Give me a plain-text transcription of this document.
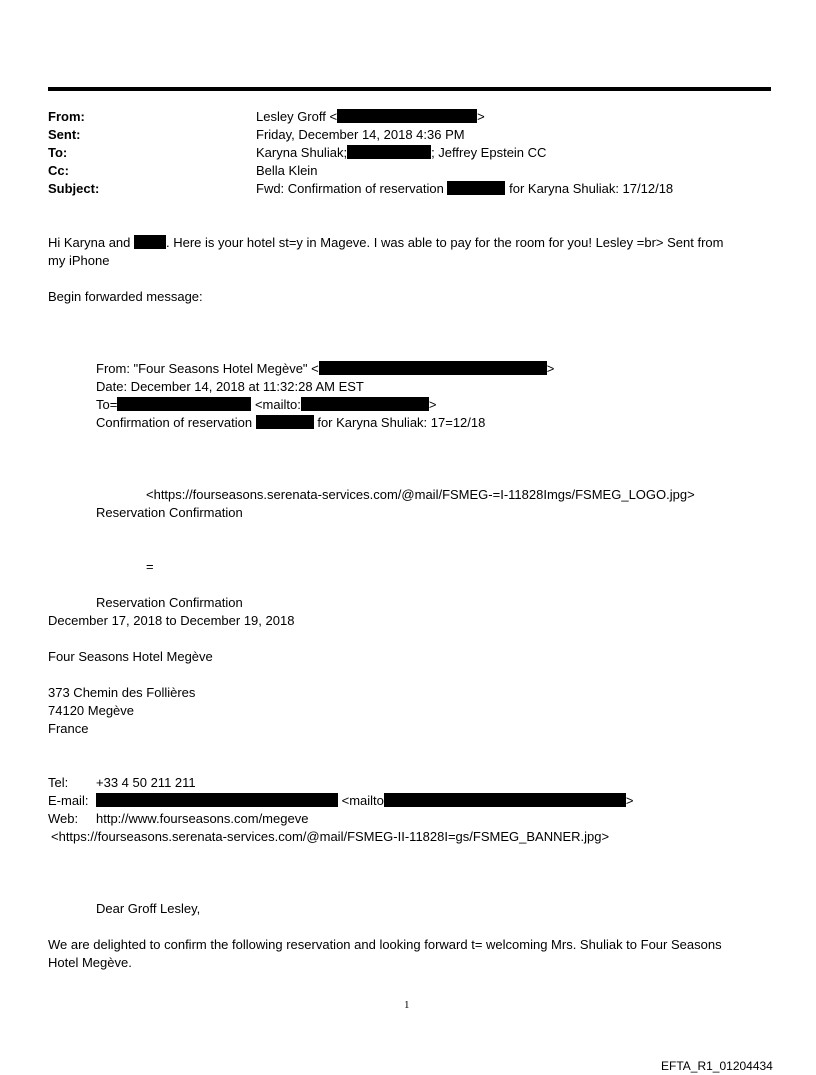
From:	Lesley Groff <	>
Sent:	Friday, December 14, 2018 4:36 PM
To:	Karyna Shuliak;	; Jeffrey Epstein CC
Cc:	Bella Klein
Subject:	Fwd: Confirmation of reservation	for Karyna Shuliak: 17/12/18
Hi Karyna and	. Here is your hotel st=y in Mageve. I was able to pay for the room for you! Lesley =br> Sent from
my iPhone
Begin forwarded message:
From: "Four Seasons Hotel Megève" <	>
Date: December 14, 2018 at 11:32:28 AM EST
To=	<mailto:	>
Confirmation of reservation	for Karyna Shuliak: 17=12/18
<https://fourseasons.serenata-services.com/@mail/FSMEG-=I-11828Imgs/FSMEG_LOGO.jpg>
Reservation Confirmation
=
Reservation Confirmation
December 17, 2018 to December 19, 2018
Four Seasons Hotel Megève
373 Chemin des Follières
74120 Megève
France
Tel: +33 4 50 211 211
E-mail:	<mailto	>
Web: http://www.fourseasons.com/megeve
<https://fourseasons.serenata-services.com/@mail/FSMEG-II-11828I=gs/FSMEG_BANNER.jpg>
Dear Groff Lesley,
We are delighted to confirm the following reservation and looking forward t= welcoming Mrs. Shuliak to Four Seasons
Hotel Megève.
1
EFTA_R1_01204434
